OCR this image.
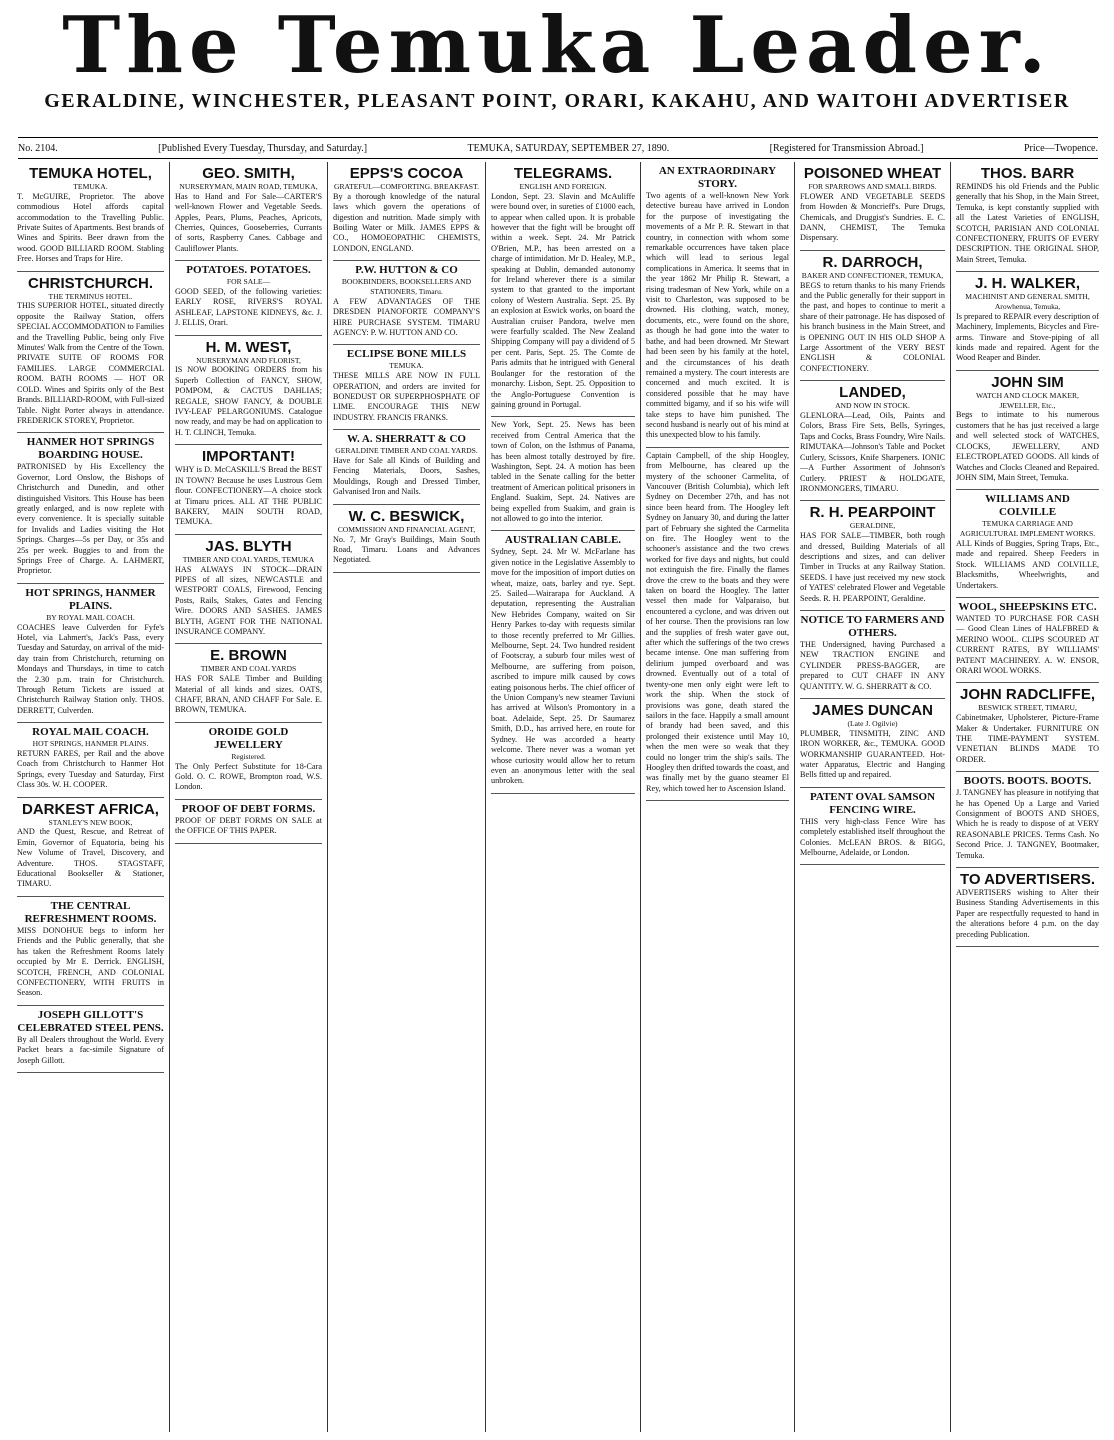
The Temuka Leader.
GERALDINE, WINCHESTER, PLEASANT POINT, ORARI, KAKAHU, AND WAITOHI ADVERTISER
No. 2104.	[Published Every Tuesday, Thursday, and Saturday.]	TEMUKA, SATURDAY, SEPTEMBER 27, 1890.	[Registered for Transmission Abroad.]	Price—Twopence.
TEMUKA HOTEL,
TEMUKA.

T. McGUIRE, Proprietor. The above commodious Hotel affords capital accommodation to the Travelling Public. Private Suites of Apartments. Best brands of Wines and Spirits. Beer drawn from the wood. GOOD BILLIARD ROOM. Stabling Free. Horses and Traps for Hire.

CHRISTCHURCH.
THE TERMINUS HOTEL.

THIS SUPERIOR HOTEL, situated directly opposite the Railway Station, offers SPECIAL ACCOMMODATION to Families and the Travelling Public, being only Five Minutes' Walk from the Centre of the Town. PRIVATE SUITE OF ROOMS FOR FAMILIES. LARGE COMMERCIAL ROOM. BATH ROOMS — HOT OR COLD. Wines and Spirits only of the Best Brands. BILLIARD-ROOM, with Full-sized Table. Night Porter always in attendance. FREDERICK STOREY, Proprietor.

HANMER HOT SPRINGS BOARDING HOUSE.

PATRONISED by His Excellency the Governor, Lord Onslow, the Bishops of Christchurch and Dunedin, and other distinguished Visitors. This House has been greatly enlarged, and is now replete with every convenience. It is specially suitable for Invalids and Ladies visiting the Hot Springs. Charges—5s per Day, or 35s and 25s per week. Buggies to and from the Springs Free of Charge. A. LAHMERT, Proprietor.

HOT SPRINGS, HANMER PLAINS.
BY ROYAL MAIL COACH.

COACHES leave Culverden for Fyfe's Hotel, via Lahmert's, Jack's Pass, every Tuesday and Saturday, on arrival of the mid-day train from Christchurch, returning on Mondays and Thursdays, in time to catch the 2.30 p.m. train for Christchurch. Through Return Tickets are issued at Christchurch Railway Station only. THOS. DERRETT, Culverden.

ROYAL MAIL COACH.
HOT SPRINGS, HANMER PLAINS.

RETURN FARES, per Rail and the above Coach from Christchurch to Hanmer Hot Springs, every Tuesday and Saturday, First Class 30s. W. H. COOPER.

DARKEST AFRICA,
STANLEY'S NEW BOOK,

AND the Quest, Rescue, and Retreat of Emin, Governor of Equatoria, being his New Volume of Travel, Discovery, and Adventure. THOS. STAGSTAFF, Educational Bookseller & Stationer, TIMARU.

THE CENTRAL REFRESHMENT ROOMS.

MISS DONOHUE begs to inform her Friends and the Public generally, that she has taken the Refreshment Rooms lately occupied by Mr E. Derrick. ENGLISH, SCOTCH, FRENCH, AND COLONIAL CONFECTIONERY, WITH FRUITS in Season.

JOSEPH GILLOTT'S CELEBRATED STEEL PENS.

By all Dealers throughout the World. Every Packet bears a fac-simile Signature of Joseph Gillott.

GEO. SMITH,
NURSERYMAN, MAIN ROAD, TEMUKA,

Has to Hand and For Sale—CARTER'S well-known Flower and Vegetable Seeds. Apples, Pears, Plums, Peaches, Apricots, Cherries, Quinces, Gooseberries, Currants of sorts, Raspberry Canes. Cabbage and Cauliflower Plants.

POTATOES. POTATOES.
FOR SALE—

GOOD SEED, of the following varieties: EARLY ROSE, RIVERS'S ROYAL ASHLEAF, LAPSTONE KIDNEYS, &c. J. J. ELLIS, Orari.

H. M. WEST,
NURSERYMAN AND FLORIST,

IS NOW BOOKING ORDERS from his Superb Collection of FANCY, SHOW, POMPOM, & CACTUS DAHLIAS; REGALE, SHOW FANCY, & DOUBLE IVY-LEAF PELARGONIUMS. Catalogue now ready, and may be had on application to H. T. CLINCH, Temuka.

IMPORTANT!

WHY is D. McCASKILL'S Bread the BEST IN TOWN? Because he uses Lustrous Gem flour. CONFECTIONERY—A choice stock at Timaru prices. ALL AT THE PUBLIC BAKERY, MAIN SOUTH ROAD, TEMUKA.

JAS. BLYTH
TIMBER AND COAL YARDS, TEMUKA

HAS ALWAYS IN STOCK—DRAIN PIPES of all sizes, NEWCASTLE and WESTPORT COALS, Firewood, Fencing Posts, Rails, Stakes, Gates and Fencing Wire. DOORS AND SASHES. JAMES BLYTH, AGENT FOR THE NATIONAL INSURANCE COMPANY.

E. BROWN
TIMBER AND COAL YARDS

HAS FOR SALE Timber and Building Material of all kinds and sizes. OATS, CHAFF, BRAN, AND CHAFF For Sale. E. BROWN, TEMUKA.

OROIDE GOLD JEWELLERY
Registered.

The Only Perfect Substitute for 18-Cara Gold. O. C. ROWE, Brompton road, W.S. London.

PROOF OF DEBT FORMS.

PROOF OF DEBT FORMS ON SALE at the OFFICE OF THIS PAPER.

EPPS'S COCOA
GRATEFUL—COMFORTING. BREAKFAST.

By a thorough knowledge of the natural laws which govern the operations of digestion and nutrition. Made simply with Boiling Water or Milk. JAMES EPPS & CO., HOMOEOPATHIC CHEMISTS, LONDON, ENGLAND.

P.W. HUTTON & CO
BOOKBINDERS, BOOKSELLERS AND STATIONERS, Timaru.

A FEW ADVANTAGES OF THE DRESDEN PIANOFORTE COMPANY'S HIRE PURCHASE SYSTEM. TIMARU AGENCY: P. W. HUTTON AND CO.

ECLIPSE BONE MILLS
TEMUKA.

THESE MILLS ARE NOW IN FULL OPERATION, and orders are invited for BONEDUST OR SUPERPHOSPHATE OF LIME. ENCOURAGE THIS NEW INDUSTRY. FRANCIS FRANKS.

W. A. SHERRATT & CO
GERALDINE TIMBER AND COAL YARDS.

Have for Sale all Kinds of Building and Fencing Materials, Doors, Sashes, Mouldings, Rough and Dressed Timber, Galvanised Iron and Nails.

W. C. BESWICK,
COMMISSION AND FINANCIAL AGENT,

No. 7, Mr Gray's Buildings, Main South Road, Timaru. Loans and Advances Negotiated.

TELEGRAMS.
ENGLISH AND FOREIGN.

London, Sept. 23. Slavin and McAuliffe were bound over, in sureties of £1000 each, to appear when called upon. It is probable however that the fight will be brought off within a week. Sept. 24. Mr Patrick O'Brien, M.P., has been arrested on a charge of intimidation. Mr D. Healey, M.P., speaking at Dublin, demanded autonomy for Ireland wherever there is a similar system to that granted to the important colony of Western Australia. Sept. 25. By an explosion at Eswick works, on board the Australian cruiser Pandora, twelve men were fearfully scalded. The New Zealand Shipping Company will pay a dividend of 5 per cent. Paris, Sept. 25. The Comte de Paris admits that he intrigued with General Boulanger for the restoration of the monarchy. Lisbon, Sept. 25. Opposition to the Anglo-Portuguese Convention is gaining ground in Portugal.

New York, Sept. 25. News has been received from Central America that the town of Colon, on the Isthmus of Panama, has been almost totally destroyed by fire. Washington, Sept. 24. A motion has been tabled in the Senate calling for the better treatment of American political prisoners in England. Suakim, Sept. 24. Natives are being expelled from Suakim, and grain is not allowed to go into the interior.

AUSTRALIAN CABLE.

Sydney, Sept. 24. Mr W. McFarlane has given notice in the Legislative Assembly to move for the imposition of import duties on wheat, maize, oats, barley and rye. Sept. 25. Sailed—Wairarapa for Auckland. A deputation, representing the Australian New Hebrides Company, waited on Sir Henry Parkes to-day with requests similar to those recently preferred to Mr Gillies. Melbourne, Sept. 24. Two hundred resident of Footscray, a suburb four miles west of Melbourne, are suffering from poison, ascribed to impure milk caused by cows eating poisonous herbs. The chief officer of the Union Company's new steamer Taviuni has arrived at Wilson's Promontory in a boat. Adelaide, Sept. 25. Dr Saumarez Smith, D.D., has arrived here, en route for Sydney. He was accorded a hearty welcome. There never was a woman yet whose curiosity would allow her to return even an anonymous letter with the seal unbroken.

AN EXTRAORDINARY STORY.

Two agents of a well-known New York detective bureau have arrived in London for the purpose of investigating the movements of a Mr P. R. Stewart in that country, in connection with whom some remarkable occurrences have taken place which will lead to serious legal complications in America. It seems that in the year 1862 Mr Philip R. Stewart, a rising tradesman of New York, while on a visit to Charleston, was supposed to be drowned. His clothing, watch, money, documents, etc., were found on the shore, as though he had gone into the water to bathe, and had been drowned. Mr Stewart had been seen by his family at the hotel, and the circumstances of his death remained a mystery. The court interests are concerned and much excited. It is considered possible that he may have committed bigamy, and if so his wife will take steps to have him punished. The second husband is nearly out of his mind at this unexpected blow to his family.

Captain Campbell, of the ship Hoogley, from Melbourne, has cleared up the mystery of the schooner Carmelita, of Vancouver (British Columbia), which left Sydney on December 27th, and has not since been heard from. The Hoogley left Sydney on January 30, and during the latter part of February she sighted the Carmelita on fire. The Hoogley went to the schooner's assistance and the two crews worked for five days and nights, but could not extinguish the fire. Finally the flames drove the crew to the boats and they were taken on board the Hoogley. The latter vessel then made for Valparaiso, but encountered a cyclone, and was driven out of her course. Then the provisions ran low and the supplies of fresh water gave out, after which the sufferings of the two crews became intense. One man suffering from delirium jumped overboard and was drowned. Eventually out of a total of twenty-one men only eight were left to work the ship. When the stock of provisions was gone, death stared the sailors in the face. Happily a small amount of brandy had been saved, and this prolonged their existence until May 10, when the men were so weak that they could no longer trim the ship's sails. The Hoogley then drifted towards the coast, and was finally met by the guano steamer El Rey, which towed her to Ascension Island.

POISONED WHEAT
FOR SPARROWS AND SMALL BIRDS.

FLOWER AND VEGETABLE SEEDS from Howden & Moncrieff's. Pure Drugs, Chemicals, and Druggist's Sundries. E. C. DANN, CHEMIST, The Temuka Dispensary.

R. DARROCH,
BAKER AND CONFECTIONER, TEMUKA,

BEGS to return thanks to his many Friends and the Public generally for their support in the past, and hopes to continue to merit a share of their patronage. He has disposed of his branch business in the Main Street, and is OPENING OUT IN HIS OLD SHOP A Large Assortment of the VERY BEST ENGLISH & COLONIAL CONFECTIONERY.

LANDED,
AND NOW IN STOCK.

GLENLORA—Lead, Oils, Paints and Colors, Brass Fire Sets, Bells, Syringes, Taps and Cocks, Brass Foundry, Wire Nails. RIMUTAKA—Johnson's Table and Pocket Cutlery, Scissors, Knife Sharpeners. IONIC—A Further Assortment of Johnson's Cutlery. PRIEST & HOLDGATE, IRONMONGERS, TIMARU.

R. H. PEARPOINT
GERALDINE,

HAS FOR SALE—TIMBER, both rough and dressed, Building Materials of all descriptions and sizes, and can deliver Timber in Trucks at any Railway Station. SEEDS. I have just received my new stock of YATES' celebrated Flower and Vegetable Seeds. R. H. PEARPOINT, Geraldine.

NOTICE TO FARMERS AND OTHERS.

THE Undersigned, having Purchased a NEW TRACTION ENGINE and CYLINDER PRESS-BAGGER, are prepared to CUT CHAFF IN ANY QUANTITY. W. G. SHERRATT & CO.

JAMES DUNCAN
(Late J. Ogilvie)

PLUMBER, TINSMITH, ZINC AND IRON WORKER, &c., TEMUKA. GOOD WORKMANSHIP GUARANTEED. Hot-water Apparatus, Electric and Hanging Bells fitted up and repaired.

PATENT OVAL SAMSON FENCING WIRE.

THIS very high-class Fence Wire has completely established itself throughout the Colonies. McLEAN BROS. & BIGG, Melbourne, Adelaide, or London.

THOS. BARR

REMINDS his old Friends and the Public generally that his Shop, in the Main Street, Temuka, is kept constantly supplied with all the Latest Varieties of ENGLISH, SCOTCH, PARISIAN AND COLONIAL CONFECTIONERY, FRUITS OF EVERY DESCRIPTION. THE ORIGINAL SHOP, Main Street, Temuka.

J. H. WALKER,
MACHINIST AND GENERAL SMITH, Arowhenua, Temuka,

Is prepared to REPAIR every description of Machinery, Implements, Bicycles and Fire-arms. Tinware and Stove-piping of all kinds made and repaired. Agent for the Wood Reaper and Binder.

JOHN SIM
WATCH AND CLOCK MAKER, JEWELLER, Etc.,

Begs to intimate to his numerous customers that he has just received a large and well selected stock of WATCHES, CLOCKS, JEWELLERY, AND ELECTROPLATED GOODS. All kinds of Watches and Clocks Cleaned and Repaired. JOHN SIM, Main Street, Temuka.

WILLIAMS AND COLVILLE
TEMUKA CARRIAGE AND AGRICULTURAL IMPLEMENT WORKS.

ALL Kinds of Buggies, Spring Traps, Etc., made and repaired. Sheep Feeders in Stock. WILLIAMS AND COLVILLE, Blacksmiths, Wheelwrights, and Undertakers.

WOOL, SHEEPSKINS ETC.

WANTED TO PURCHASE FOR CASH — Good Clean Lines of HALFBRED & MERINO WOOL. CLIPS SCOURED AT CURRENT RATES, BY WILLIAMS' PATENT MACHINERY. A. W. ENSOR, ORARI WOOL WORKS.

JOHN RADCLIFFE,
BESWICK STREET, TIMARU,

Cabinetmaker, Upholsterer, Picture-Frame Maker & Undertaker. FURNITURE ON THE TIME-PAYMENT SYSTEM. VENETIAN BLINDS MADE TO ORDER.

BOOTS. BOOTS. BOOTS.

J. TANGNEY has pleasure in notifying that he has Opened Up a Large and Varied Consignment of BOOTS AND SHOES, Which he is ready to dispose of at VERY REASONABLE PRICES. Terms Cash. No Second Price. J. TANGNEY, Bootmaker, Temuka.

TO ADVERTISERS.

ADVERTISERS wishing to Alter their Business Standing Advertisements in this Paper are respectfully requested to hand in the alterations before 4 p.m. on the day preceding Publication.
